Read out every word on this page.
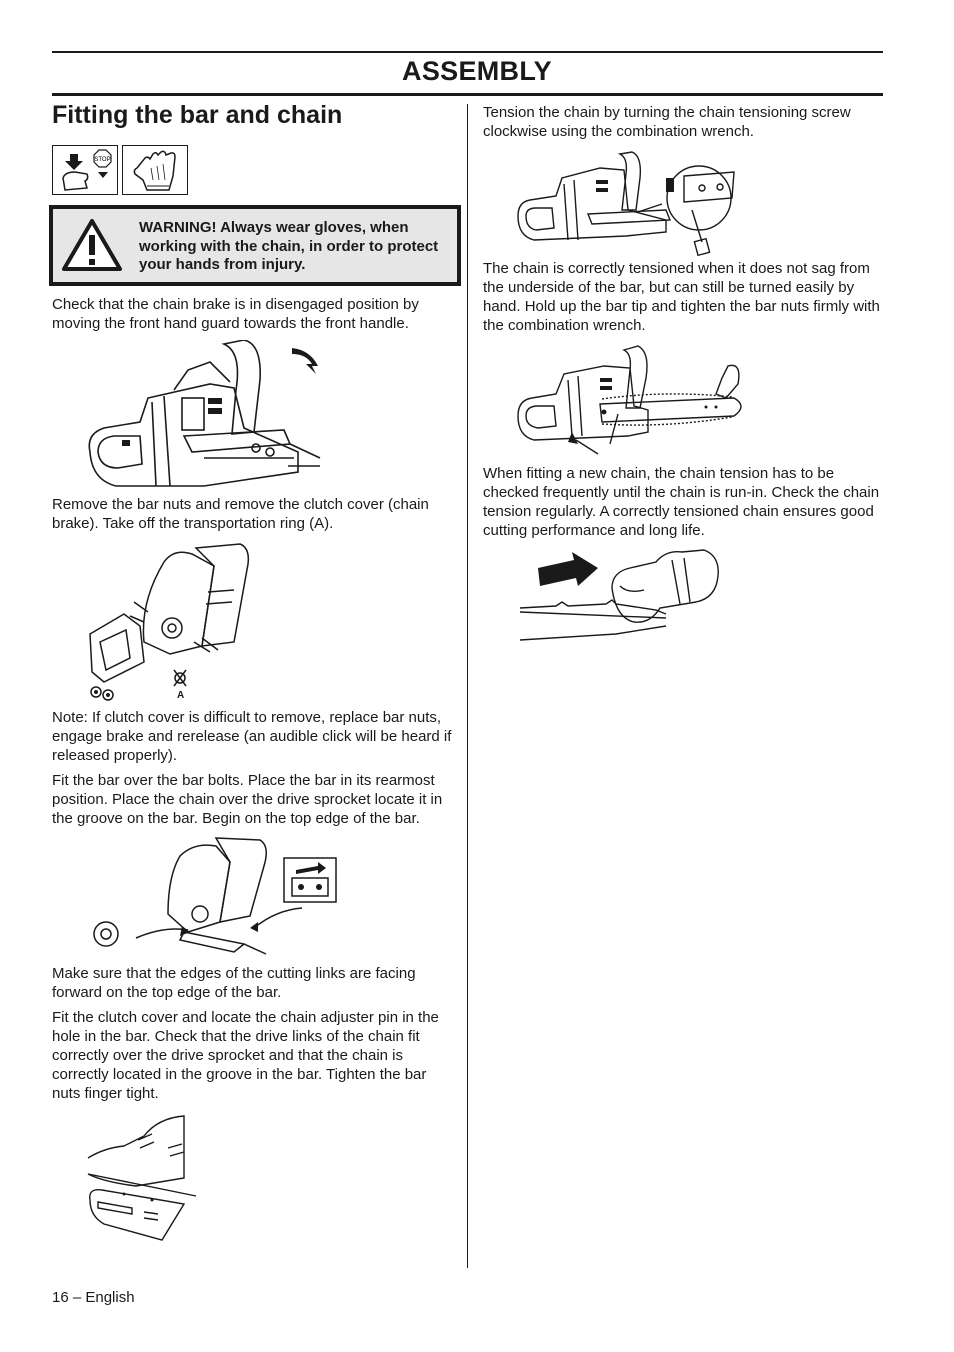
ASSEMBLY
Fitting the bar and chain
STOP

WARNING! Always wear gloves, when working with the chain, in order to protect your hands from injury.

Check that the chain brake is in disengaged position by moving the front hand guard towards the front handle.

Remove the bar nuts and remove the clutch cover (chain brake). Take off the transportation ring (A).

A

Note: If clutch cover is difficult to remove, replace bar nuts, engage brake and rerelease (an audible click will be heard if released properly).

Fit the bar over the bar bolts. Place the bar in its rearmost position. Place the chain over the drive sprocket locate it in the groove on the bar. Begin on the top edge of the bar.

Make sure that the edges of the cutting links are facing forward on the top edge of the bar.

Fit the clutch cover and locate the chain adjuster pin in the hole in the bar. Check that the drive links of the chain fit correctly over the drive sprocket and that the chain is correctly located in the groove in the bar. Tighten the bar nuts finger tight.

Tension the chain by turning the chain tensioning screw clockwise using the combination wrench.

The chain is correctly tensioned when it does not sag from the underside of the bar, but can still be turned easily by hand. Hold up the bar tip and tighten the bar nuts firmly with the combination wrench.

When fitting a new chain, the chain tension has to be checked frequently until the chain is run-in. Check the chain tension regularly. A correctly tensioned chain ensures good cutting performance and long life.

16 – English
